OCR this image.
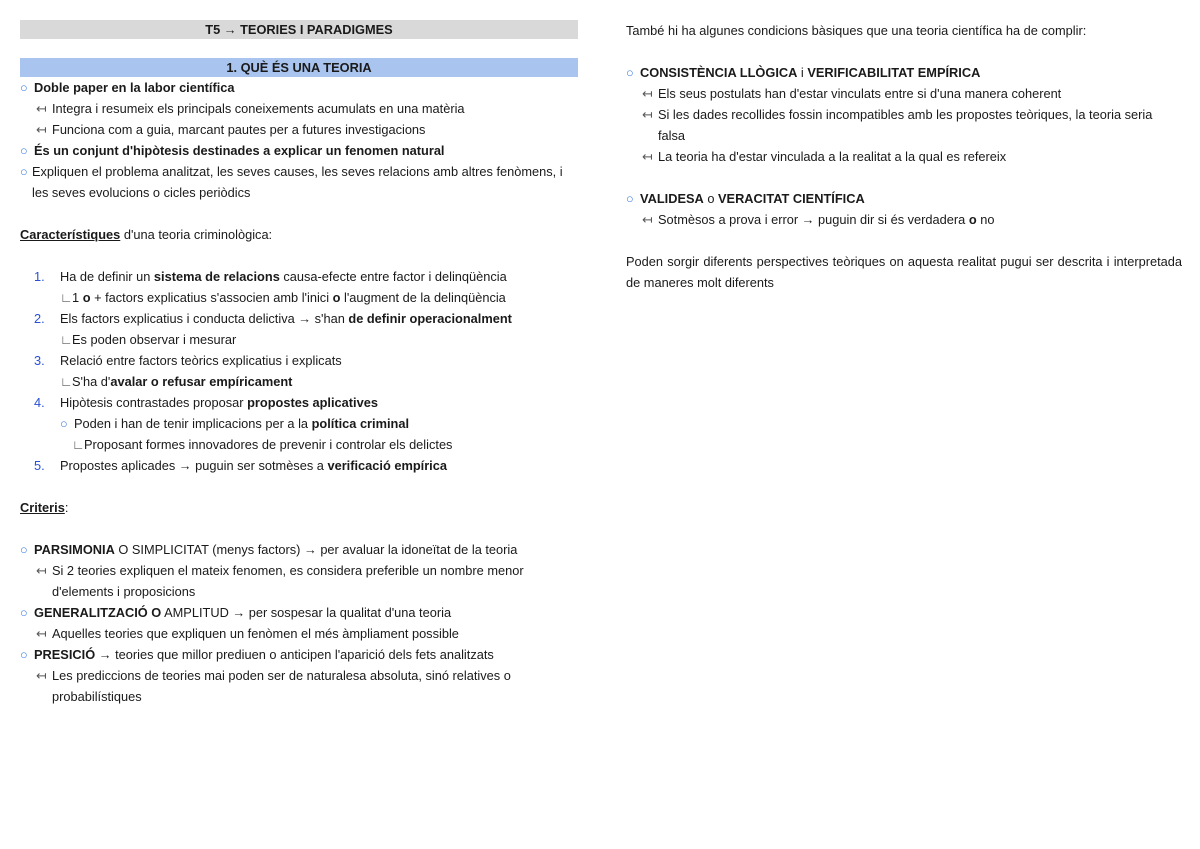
T5 → TEORIES I PARADIGMES
1. QUÈ ÉS UNA TEORIA
○ Doble paper en la labor científica
↤ Integra i resumeix els principals coneixements acumulats en una matèria
↤ Funciona com a guia, marcant pautes per a futures investigacions
○ És un conjunt d'hipòtesis destinades a explicar un fenomen natural
○ Expliquen el problema analitzat, les seves causes, les seves relacions amb altres fenòmens, i les seves evolucions o cicles periòdics
Característiques d'una teoria criminològica:
1. Ha de definir un sistema de relacions causa-efecte entre factor i delinqüència
∟1 o + factors explicatius s'associen amb l'inici o l'augment de la delinqüència
2. Els factors explicatius i conducta delictiva → s'han de definir operacionalment
∟Es poden observar i mesurar
3. Relació entre factors teòrics explicatius i explicats
∟S'ha d'avalar o refusar empíricament
4. Hipòtesis contrastades proposar propostes aplicatives
○ Poden i han de tenir implicacions per a la política criminal
∟Proposant formes innovadores de prevenir i controlar els delictes
5. Propostes aplicades → puguin ser sotmèses a verificació empírica
Criteris:
○ PARSIMONIA O SIMPLICITAT (menys factors) → per avaluar la idoneïtat de la teoria
↤ Si 2 teories expliquen el mateix fenomen, es considera preferible un nombre menor d'elements i proposicions
○ GENERALITZACIÓ O AMPLITUD → per sospesar la qualitat d'una teoria
↤ Aquelles teories que expliquen un fenòmen el més àmpliament possible
○ PRESICIÓ → teories que millor prediuen o anticipen l'aparició dels fets analitzats
↤ Les prediccions de teories mai poden ser de naturalesa absoluta, sinó relatives o probabilístiques
També hi ha algunes condicions bàsiques que una teoria científica ha de complir:
○ CONSISTÈNCIA LLÒGICA i VERIFICABILITAT EMPÍRICA
↤ Els seus postulats han d'estar vinculats entre si d'una manera coherent
↤ Si les dades recollides fossin incompatibles amb les propostes teòriques, la teoria seria falsa
↤ La teoria ha d'estar vinculada a la realitat a la qual es refereix
○ VALIDESA o VERACITAT CIENTÍFICA
↤ Sotmèsos a prova i error → puguin dir si és verdadera o no
Poden sorgir diferents perspectives teòriques on aquesta realitat pugui ser descrita i interpretada de maneres molt diferents
